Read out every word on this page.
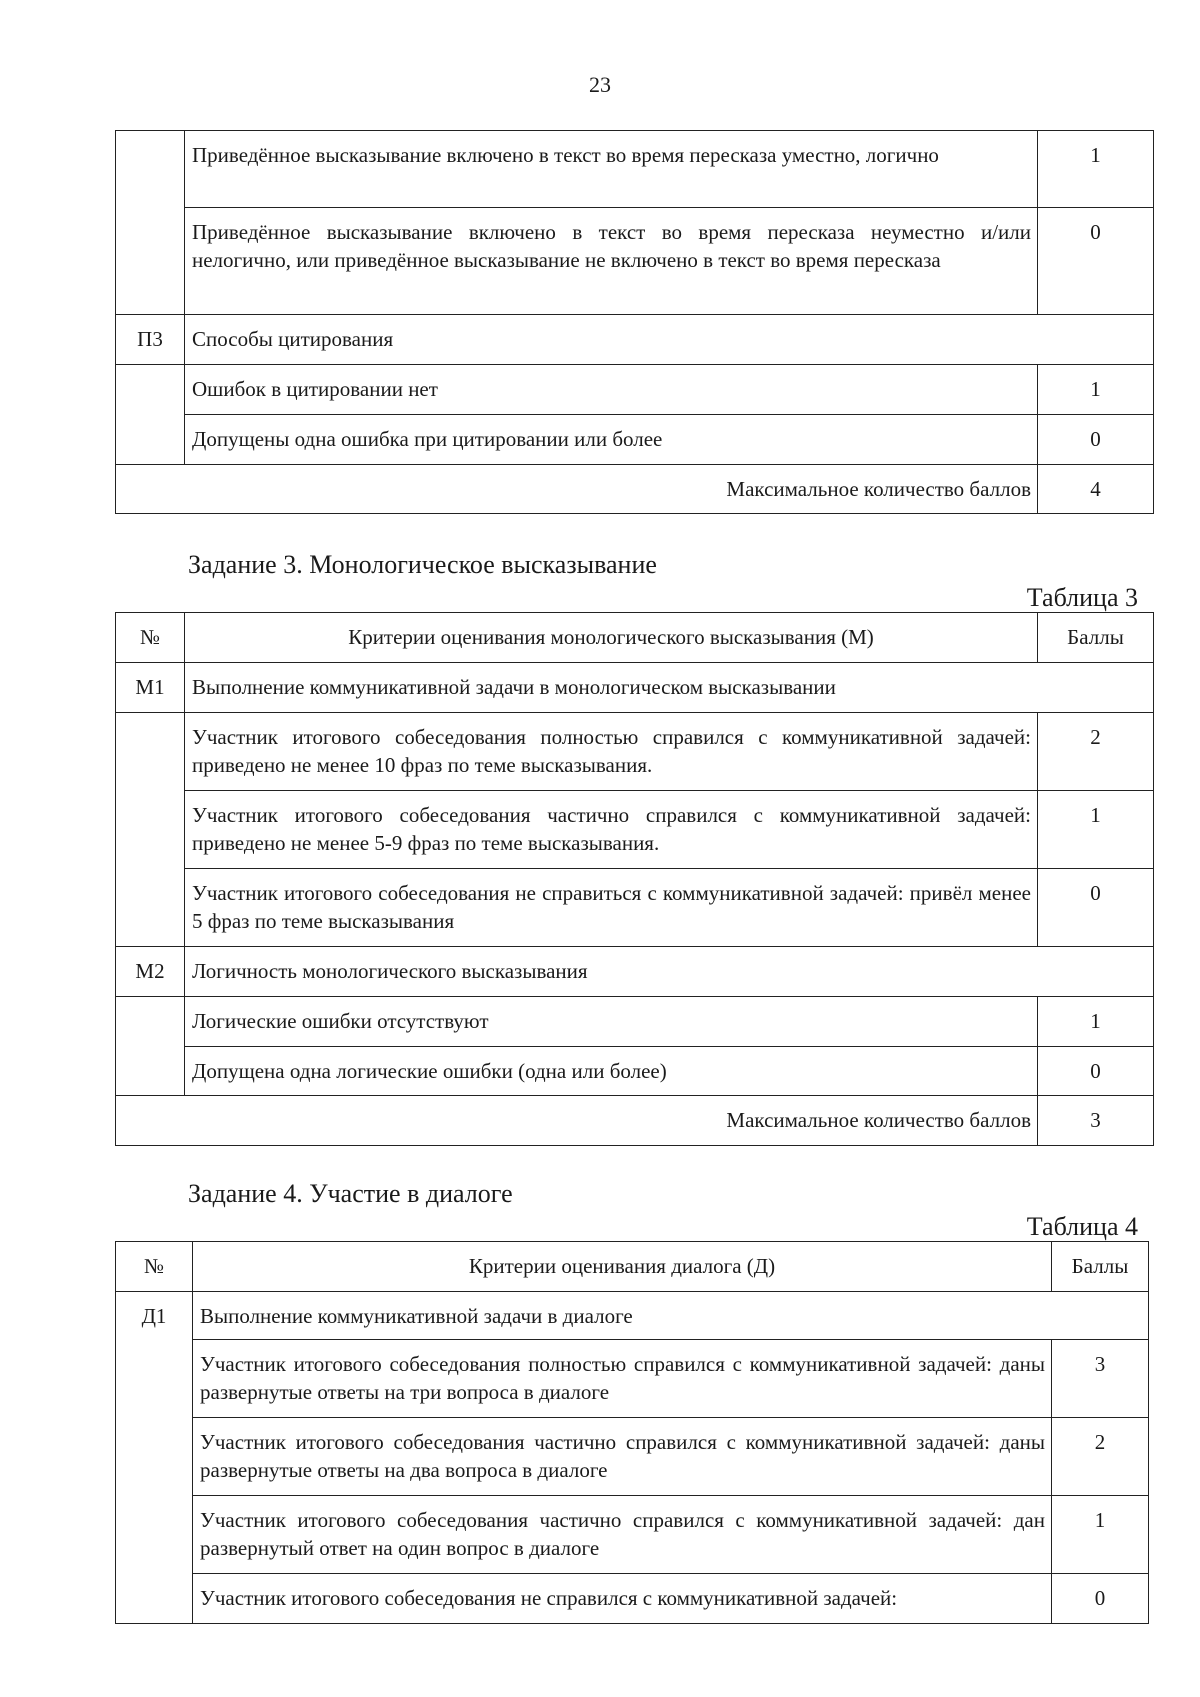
23
	Приведённое высказывание включено в текст во время пересказа уместно, логично	1
	Приведённое высказывание включено в текст во время пересказа неуместно и/или нелогично, или приведённое высказывание не включено в текст во время пересказа	0
П3	Способы цитирования	
	Ошибок в цитировании нет	1
	Допущены одна ошибка при цитировании или более	0
Максимальное количество баллов		4
Задание 3. Монологическое высказывание
Таблица 3
№	Критерии оценивания монологического высказывания (М)	Баллы
М1	Выполнение коммуникативной задачи в монологическом высказывании	
	Участник итогового собеседования полностью справился с коммуникативной задачей: приведено не менее 10 фраз по теме высказывания.	2
	Участник итогового собеседования частично справился с коммуникативной задачей: приведено не менее 5-9 фраз по теме высказывания.	1
	Участник итогового собеседования не справиться с коммуникативной задачей: привёл менее 5 фраз по теме высказывания	0
М2	Логичность монологического высказывания	
	Логические ошибки отсутствуют	1
	Допущена одна логические ошибки (одна или более)	0
Максимальное количество баллов		3
Задание 4. Участие в диалоге
Таблица 4
№	Критерии оценивания диалога (Д)	Баллы
Д1	Выполнение коммуникативной задачи в диалоге	
	Участник итогового собеседования полностью справился с коммуникативной задачей: даны развернутые ответы на три вопроса в диалоге	3
	Участник итогового собеседования частично справился с коммуникативной задачей: даны развернутые ответы на два вопроса в диалоге	2
	Участник итогового собеседования частично справился с коммуникативной задачей: дан развернутый ответ на один вопрос в диалоге	1
	Участник итогового собеседования не справился с коммуникативной задачей:	0
